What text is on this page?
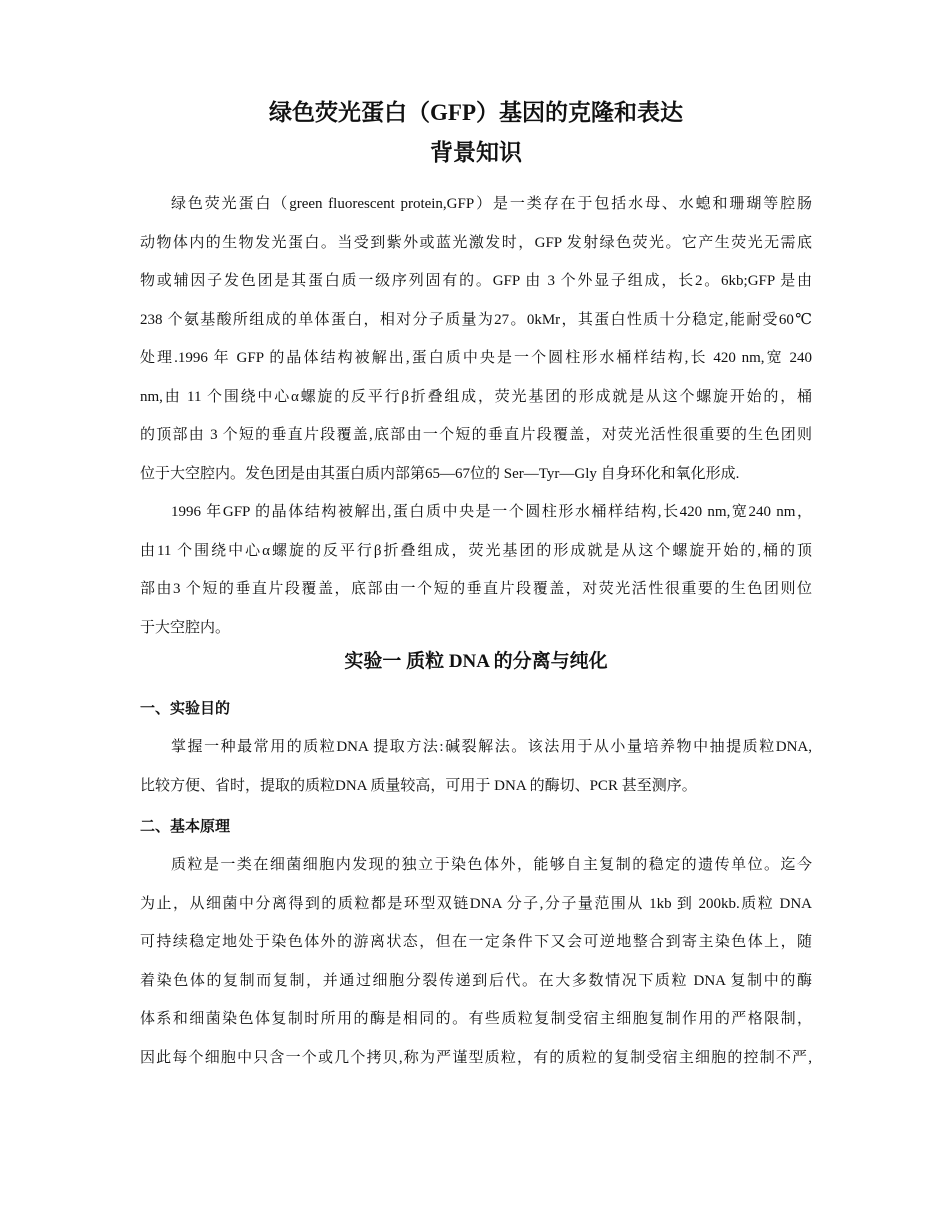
绿色荧光蛋白（GFP）基因的克隆和表达
背景知识
绿色荧光蛋白（green fluorescent protein,GFP）是一类存在于包括水母、水螅和珊瑚等腔肠
动物体内的生物发光蛋白。当受到紫外或蓝光激发时，GFP 发射绿色荧光。它产生荧光无需底
物或辅因子发色团是其蛋白质一级序列固有的。GFP 由 3 个外显子组成，长2。6kb;GFP 是由
238 个氨基酸所组成的单体蛋白，相对分子质量为27。0kMr，其蛋白性质十分稳定,能耐受60℃
处理.1996 年 GFP 的晶体结构被解出,蛋白质中央是一个圆柱形水桶样结构,长 420 nm,宽 240
nm,由 11 个围绕中心α螺旋的反平行β折叠组成，荧光基团的形成就是从这个螺旋开始的，桶
的顶部由 3 个短的垂直片段覆盖,底部由一个短的垂直片段覆盖，对荧光活性很重要的生色团则
位于大空腔内。发色团是由其蛋白质内部第65—67位的 Ser—Tyr—Gly 自身环化和氧化形成.
1996 年GFP 的晶体结构被解出,蛋白质中央是一个圆柱形水桶样结构,长420 nm,宽240 nm，
由11 个围绕中心α螺旋的反平行β折叠组成，荧光基团的形成就是从这个螺旋开始的,桶的顶
部由3 个短的垂直片段覆盖，底部由一个短的垂直片段覆盖，对荧光活性很重要的生色团则位
于大空腔内。
实验一 质粒 DNA 的分离与纯化
一、实验目的
掌握一种最常用的质粒DNA 提取方法:碱裂解法。该法用于从小量培养物中抽提质粒DNA,
比较方便、省时，提取的质粒DNA 质量较高，可用于 DNA 的酶切、PCR 甚至测序。
二、基本原理
质粒是一类在细菌细胞内发现的独立于染色体外，能够自主复制的稳定的遗传单位。迄今
为止，从细菌中分离得到的质粒都是环型双链DNA 分子,分子量范围从 1kb 到 200kb.质粒 DNA
可持续稳定地处于染色体外的游离状态，但在一定条件下又会可逆地整合到寄主染色体上，随
着染色体的复制而复制，并通过细胞分裂传递到后代。在大多数情况下质粒 DNA 复制中的酶
体系和细菌染色体复制时所用的酶是相同的。有些质粒复制受宿主细胞复制作用的严格限制，
因此每个细胞中只含一个或几个拷贝,称为严谨型质粒，有的质粒的复制受宿主细胞的控制不严,
